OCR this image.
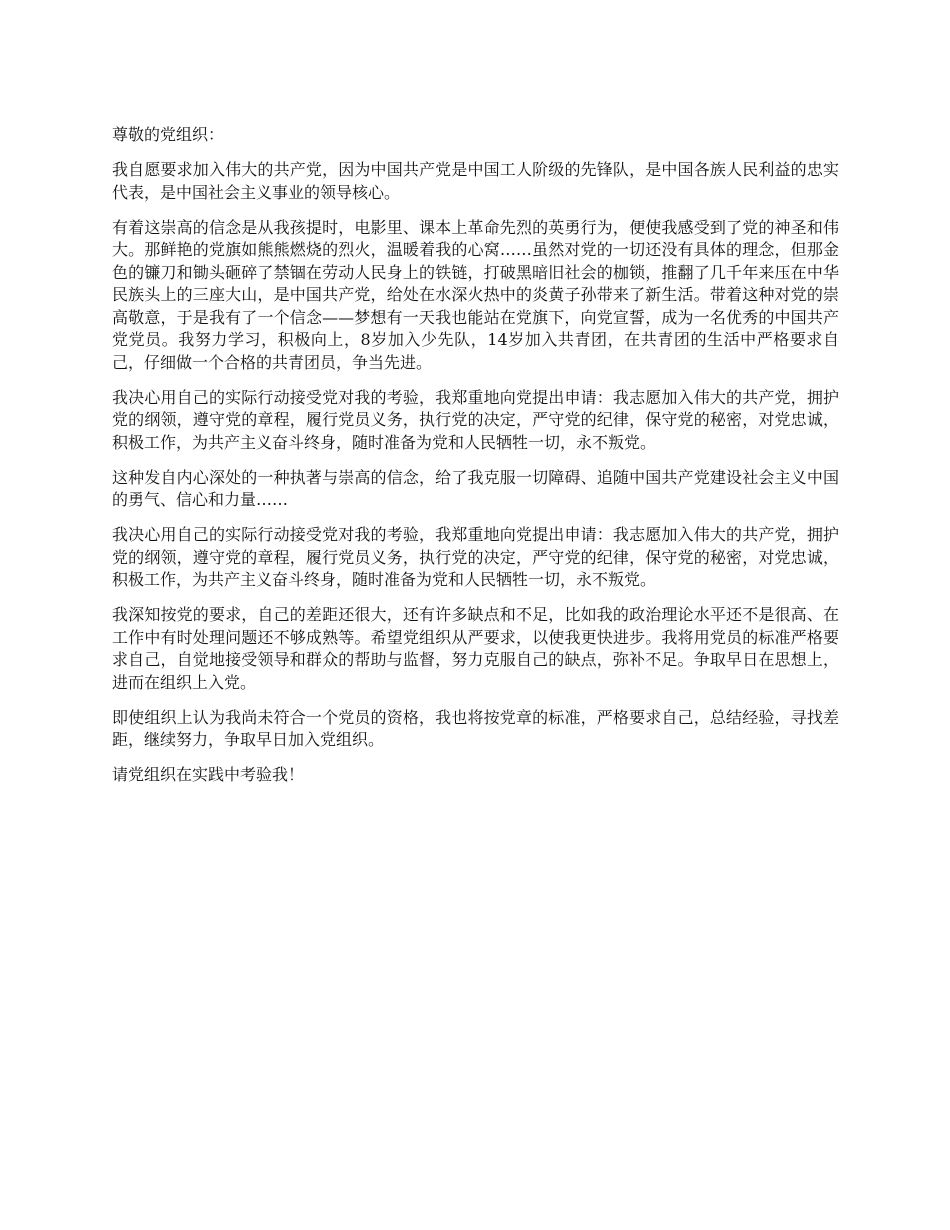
尊敬的党组织：

我自愿要求加入伟大的共产党，因为中国共产党是中国工人阶级的先锋队，是中国各族人民利益的忠实代表，是中国社会主义事业的领导核心。

有着这崇高的信念是从我孩提时，电影里、课本上革命先烈的英勇行为，便使我感受到了党的神圣和伟大。那鲜艳的党旗如熊熊燃烧的烈火，温暖着我的心窝……虽然对党的一切还没有具体的理念，但那金色的镰刀和锄头砸碎了禁锢在劳动人民身上的铁链，打破黑暗旧社会的枷锁，推翻了几千年来压在中华民族头上的三座大山，是中国共产党，给处在水深火热中的炎黄子孙带来了新生活。带着这种对党的崇高敬意，于是我有了一个信念——梦想有一天我也能站在党旗下，向党宣誓，成为一名优秀的中国共产党党员。我努力学习，积极向上，8岁加入少先队，14岁加入共青团，在共青团的生活中严格要求自己，仔细做一个合格的共青团员，争当先进。

我决心用自己的实际行动接受党对我的考验，我郑重地向党提出申请：我志愿加入伟大的共产党，拥护党的纲领，遵守党的章程，履行党员义务，执行党的决定，严守党的纪律，保守党的秘密，对党忠诚，积极工作，为共产主义奋斗终身，随时准备为党和人民牺牲一切，永不叛党。

这种发自内心深处的一种执著与崇高的信念，给了我克服一切障碍、追随中国共产党建设社会主义中国的勇气、信心和力量……

我决心用自己的实际行动接受党对我的考验，我郑重地向党提出申请：我志愿加入伟大的共产党，拥护党的纲领，遵守党的章程，履行党员义务，执行党的决定，严守党的纪律，保守党的秘密，对党忠诚，积极工作，为共产主义奋斗终身，随时准备为党和人民牺牲一切，永不叛党。

我深知按党的要求，自己的差距还很大，还有许多缺点和不足，比如我的政治理论水平还不是很高、在工作中有时处理问题还不够成熟等。希望党组织从严要求，以使我更快进步。我将用党员的标准严格要求自己，自觉地接受领导和群众的帮助与监督，努力克服自己的缺点，弥补不足。争取早日在思想上，进而在组织上入党。

即使组织上认为我尚未符合一个党员的资格，我也将按党章的标准，严格要求自己，总结经验，寻找差距，继续努力，争取早日加入党组织。

请党组织在实践中考验我！
